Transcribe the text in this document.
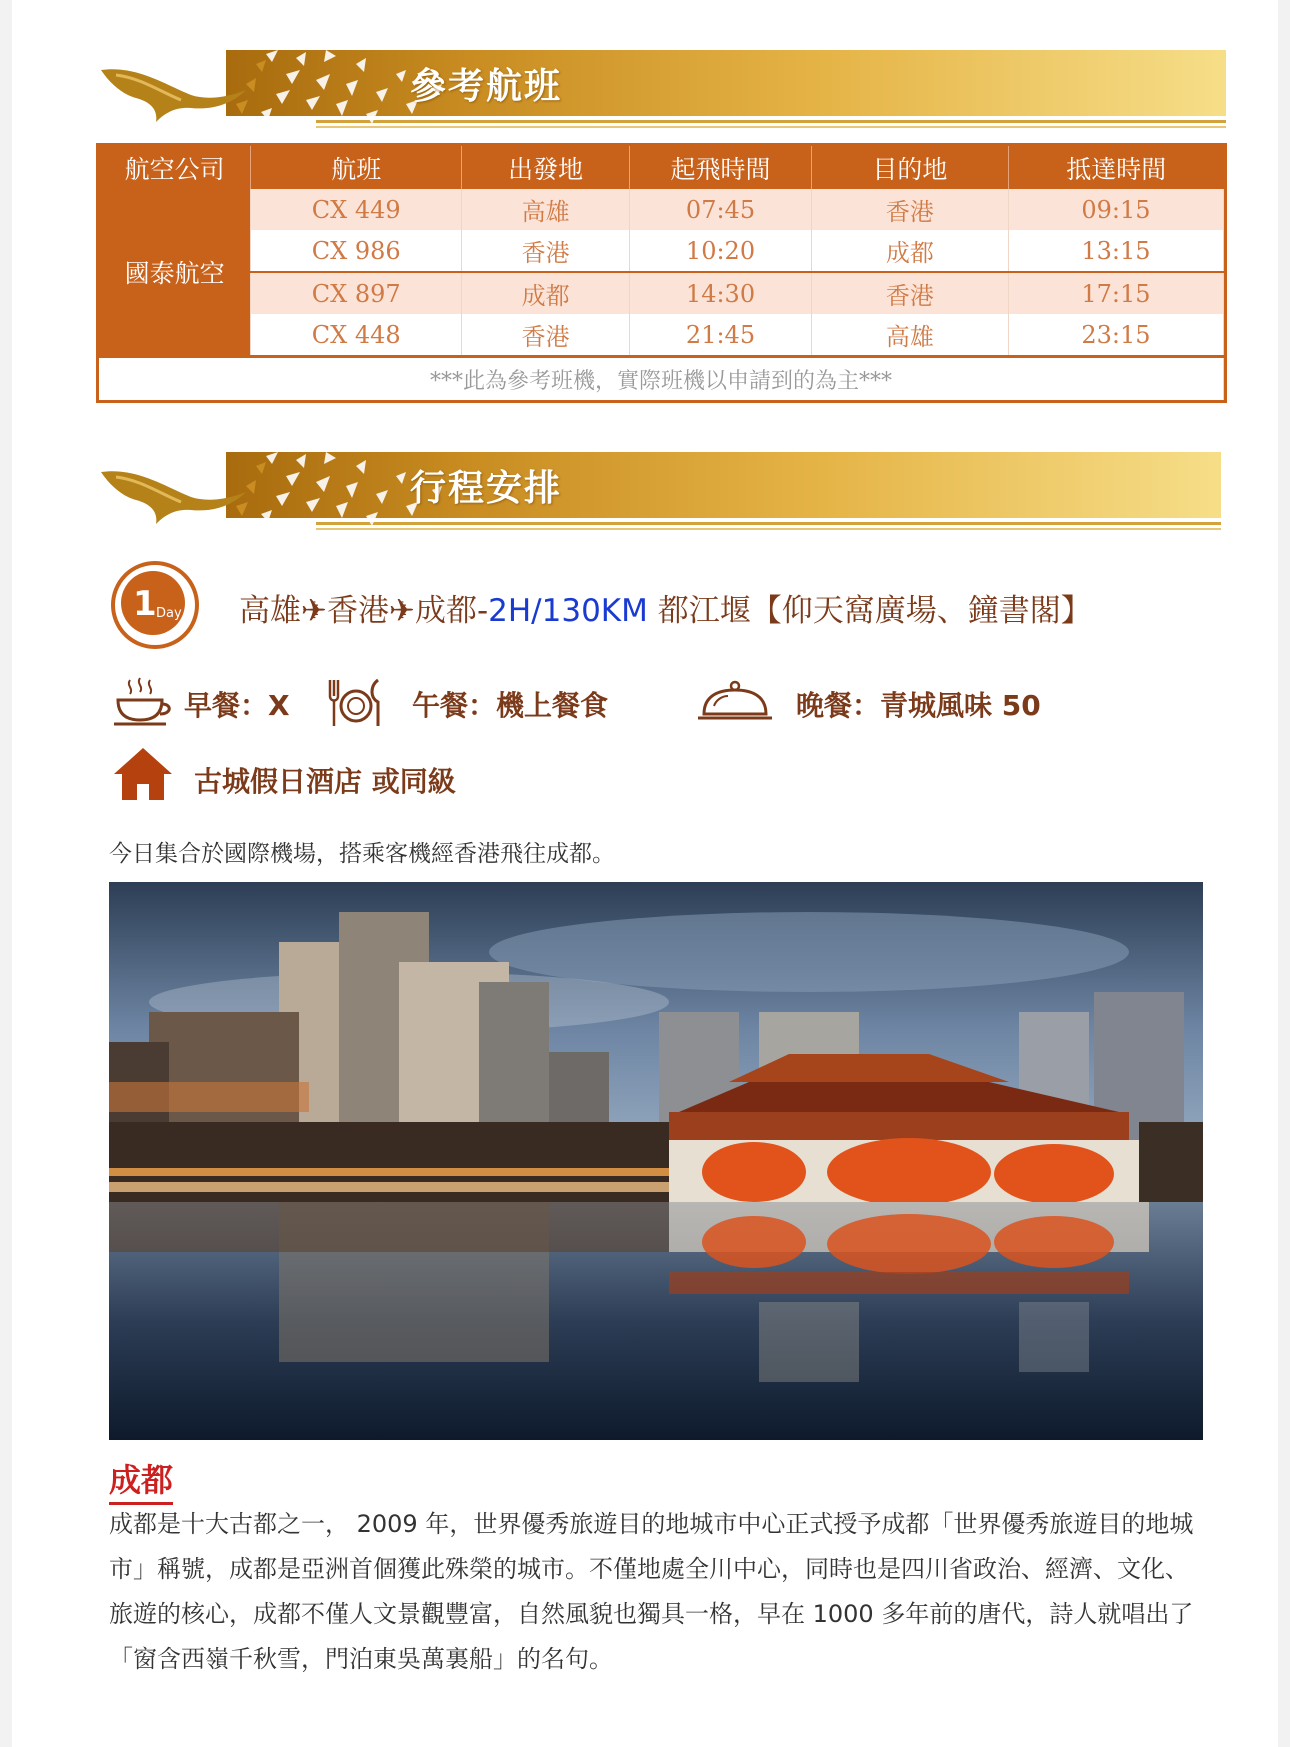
參考航班
航空公司	航班	出發地	起飛時間	目的地	抵達時間
國泰航空	CX 449	高雄	07:45	香港	09:15
	CX 986	香港	10:20	成都	13:15
	CX 897	成都	14:30	香港	17:15
	CX 448	香港	21:45	高雄	23:15
***此為參考班機，實際班機以申請到的為主***					
行程安排
1 Day 高雄✈香港✈成都-2H/130KM 都江堰【仰天窩廣場、鐘書閣】
早餐：X	午餐：機上餐食	晚餐：青城風味 50
古城假日酒店 或同級
今日集合於國際機場，搭乘客機經香港飛往成都。
成都
成都是十大古都之一， 2009 年，世界優秀旅遊目的地城市中心正式授予成都「世界優秀旅遊目的地城市」稱號，成都是亞洲首個獲此殊榮的城市。不僅地處全川中心，同時也是四川省政治、經濟、文化、旅遊的核心，成都不僅人文景觀豐富，自然風貌也獨具一格，早在 1000 多年前的唐代，詩人就唱出了「窗含西嶺千秋雪，門泊東吳萬裏船」的名句。
